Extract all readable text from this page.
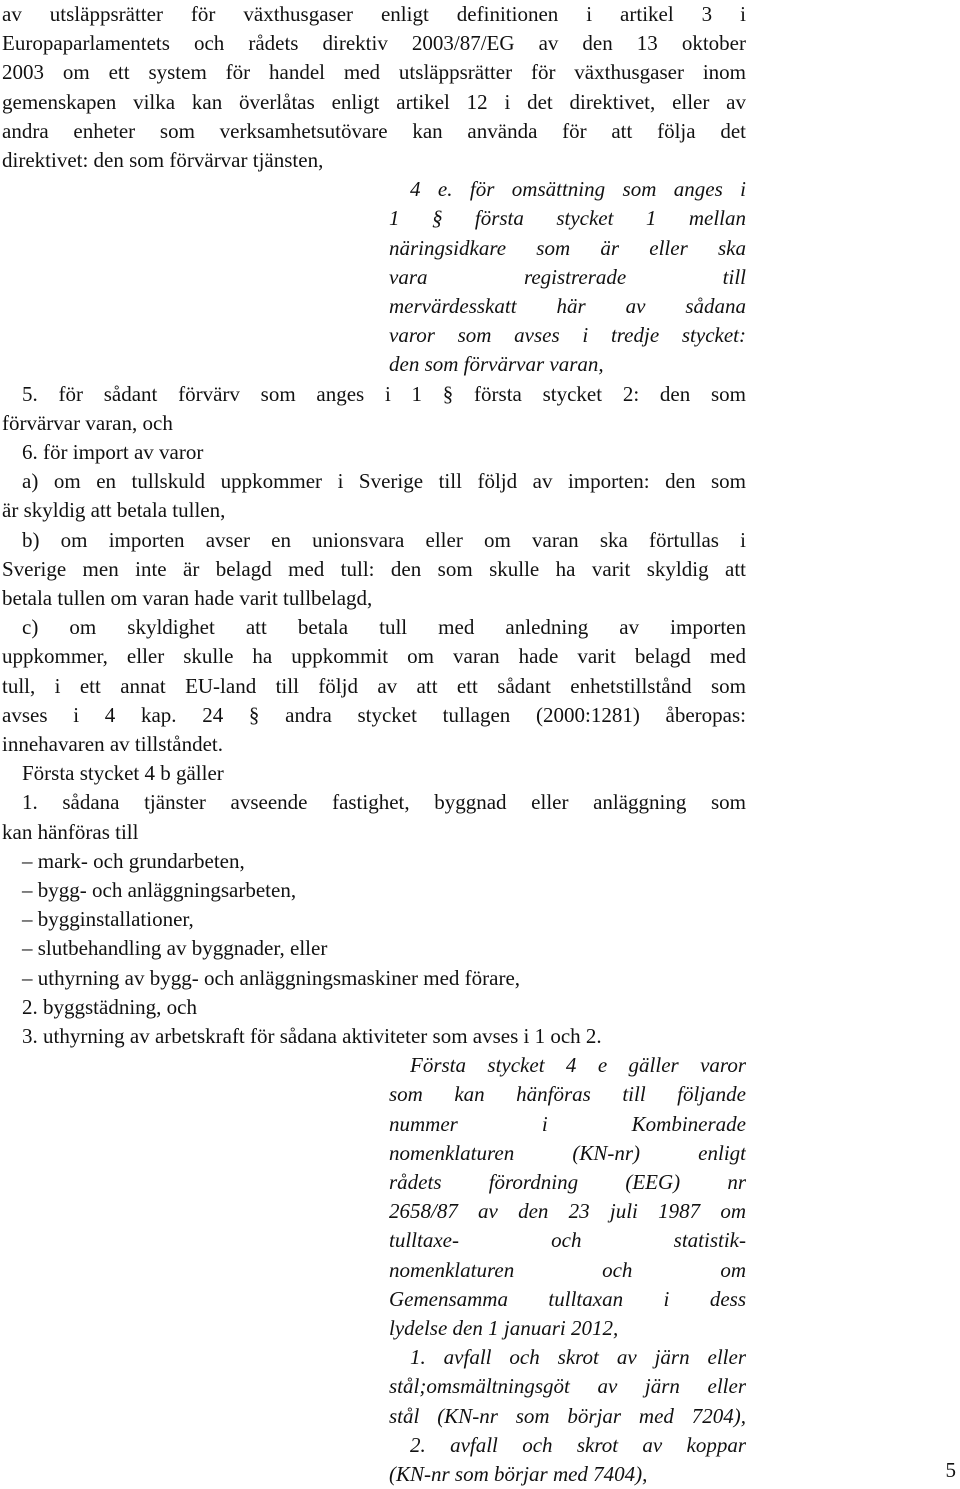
av utsläppsrätter för växthusgaser enligt definitionen i artikel 3 i
Europaparlamentets och rådets direktiv 2003/87/EG av den 13 oktober
2003 om ett system för handel med utsläppsrätter för växthusgaser inom
gemenskapen vilka kan överlåtas enligt artikel 12 i det direktivet, eller av
andra enheter som verksamhetsutövare kan använda för att följa det
direktivet: den som förvärvar tjänsten,
4 e. för omsättning som anges i
1 § första stycket 1 mellan
näringsidkare som är eller ska
vara registrerade till
mervärdesskatt här av sådana
varor som avses i tredje stycket:
den som förvärvar varan,
5. för sådant förvärv som anges i 1 § första stycket 2: den som
förvärvar varan, och
6. för import av varor
a) om en tullskuld uppkommer i Sverige till följd av importen: den som
är skyldig att betala tullen,
b) om importen avser en unionsvara eller om varan ska förtullas i
Sverige men inte är belagd med tull: den som skulle ha varit skyldig att
betala tullen om varan hade varit tullbelagd,
c) om skyldighet att betala tull med anledning av importen
uppkommer, eller skulle ha uppkommit om varan hade varit belagd med
tull, i ett annat EU-land till följd av att ett sådant enhetstillstånd som
avses i 4 kap. 24 § andra stycket tullagen (2000:1281) åberopas:
innehavaren av tillståndet.
Första stycket 4 b gäller
1. sådana tjänster avseende fastighet, byggnad eller anläggning som
kan hänföras till
– mark- och grundarbeten,
– bygg- och anläggningsarbeten,
– bygginstallationer,
– slutbehandling av byggnader, eller
– uthyrning av bygg- och anläggningsmaskiner med förare,
2. byggstädning, och
3. uthyrning av arbetskraft för sådana aktiviteter som avses i 1 och 2.
Första stycket 4 e gäller varor
som kan hänföras till följande
nummer i Kombinerade
nomenklaturen (KN-nr) enligt
rådets förordning (EEG) nr
2658/87 av den 23 juli 1987 om
tulltaxe- och statistik-
nomenklaturen och om
Gemensamma tulltaxan i dess
lydelse den 1 januari 2012,
1. avfall och skrot av järn eller
stål;omsmältningsgöt av järn eller
stål (KN-nr som börjar med 7204),
2. avfall och skrot av koppar
(KN-nr som börjar med 7404),	5
